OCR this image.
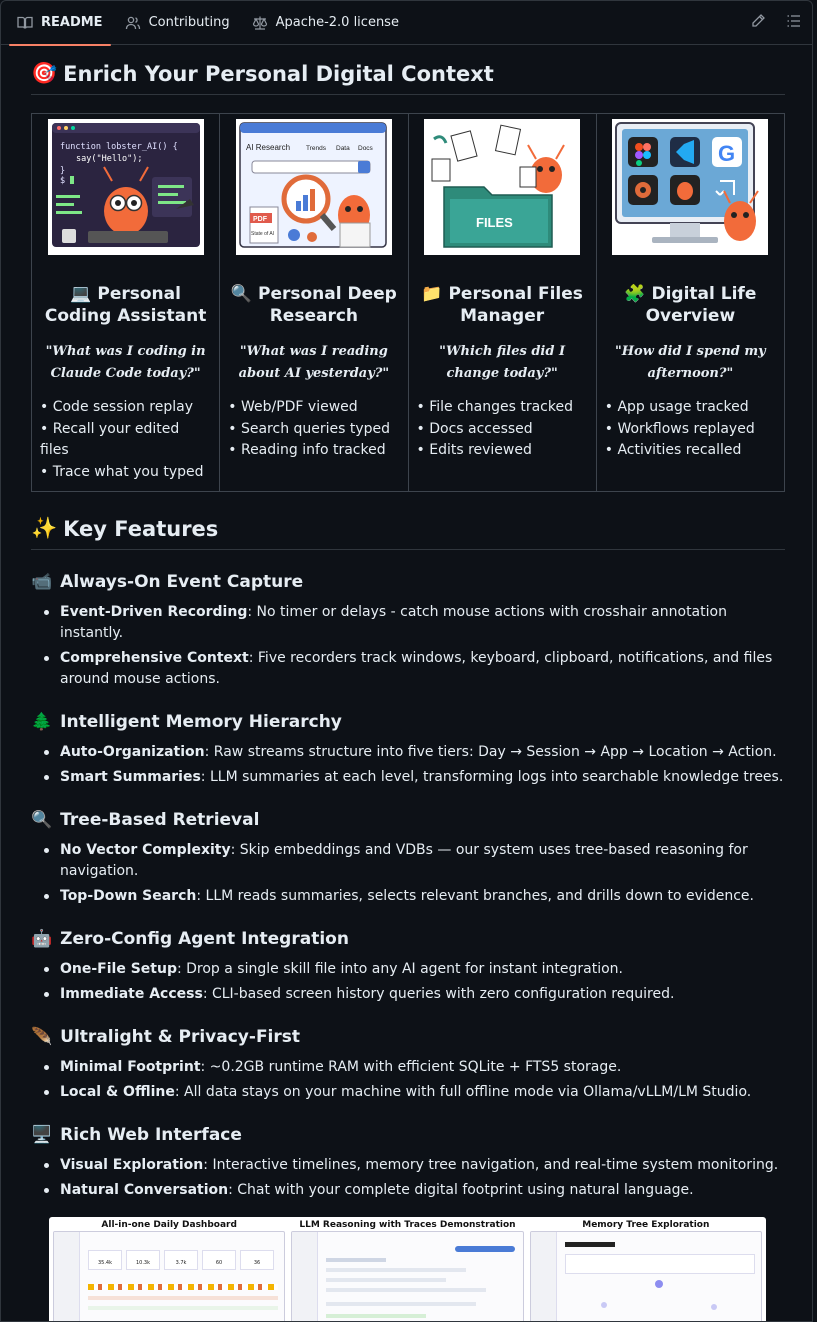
README	Contributing	Apache-2.0 license
🎯 Enrich Your Personal Digital Context
function lobster_AI() {
say("Hello");
}
$
💻 Personal Coding Assistant
"What was I coding in Claude Code today?"
• Code session replay
• Recall your edited files
• Trace what you typed

AI Research Trends Data Docs
PDF
State of AI
🔍 Personal Deep Research
"What was I reading about AI yesterday?"
• Web/PDF viewed
• Search queries typed
• Reading info tracked

FILES
📁 Personal Files Manager
"Which files did I change today?"
• File changes tracked
• Docs accessed
• Edits reviewed

G
🧩 Digital Life Overview
"How did I spend my afternoon?"
• App usage tracked
• Workflows replayed
• Activities recalled
✨ Key Features
📹 Always-On Event Capture
Event-Driven Recording: No timer or delays - catch mouse actions with crosshair annotation instantly.
Comprehensive Context: Five recorders track windows, keyboard, clipboard, notifications, and files around mouse actions.
🌲 Intelligent Memory Hierarchy
Auto-Organization: Raw streams structure into five tiers: Day → Session → App → Location → Action.
Smart Summaries: LLM summaries at each level, transforming logs into searchable knowledge trees.
🔍 Tree-Based Retrieval
No Vector Complexity: Skip embeddings and VDBs — our system uses tree-based reasoning for navigation.
Top-Down Search: LLM reads summaries, selects relevant branches, and drills down to evidence.
🤖 Zero-Config Agent Integration
One-File Setup: Drop a single skill file into any AI agent for instant integration.
Immediate Access: CLI-based screen history queries with zero configuration required.
🪶 Ultralight & Privacy-First
Minimal Footprint: ~0.2GB runtime RAM with efficient SQLite + FTS5 storage.
Local & Offline: All data stays on your machine with full offline mode via Ollama/vLLM/LM Studio.
🖥️ Rich Web Interface
Visual Exploration: Interactive timelines, memory tree navigation, and real-time system monitoring.
Natural Conversation: Chat with your complete digital footprint using natural language.
All-in-one Daily Dashboard
35.4k	10.3k	3.7k	60	36
LLM Reasoning with Traces Demonstration	Memory Tree Exploration
